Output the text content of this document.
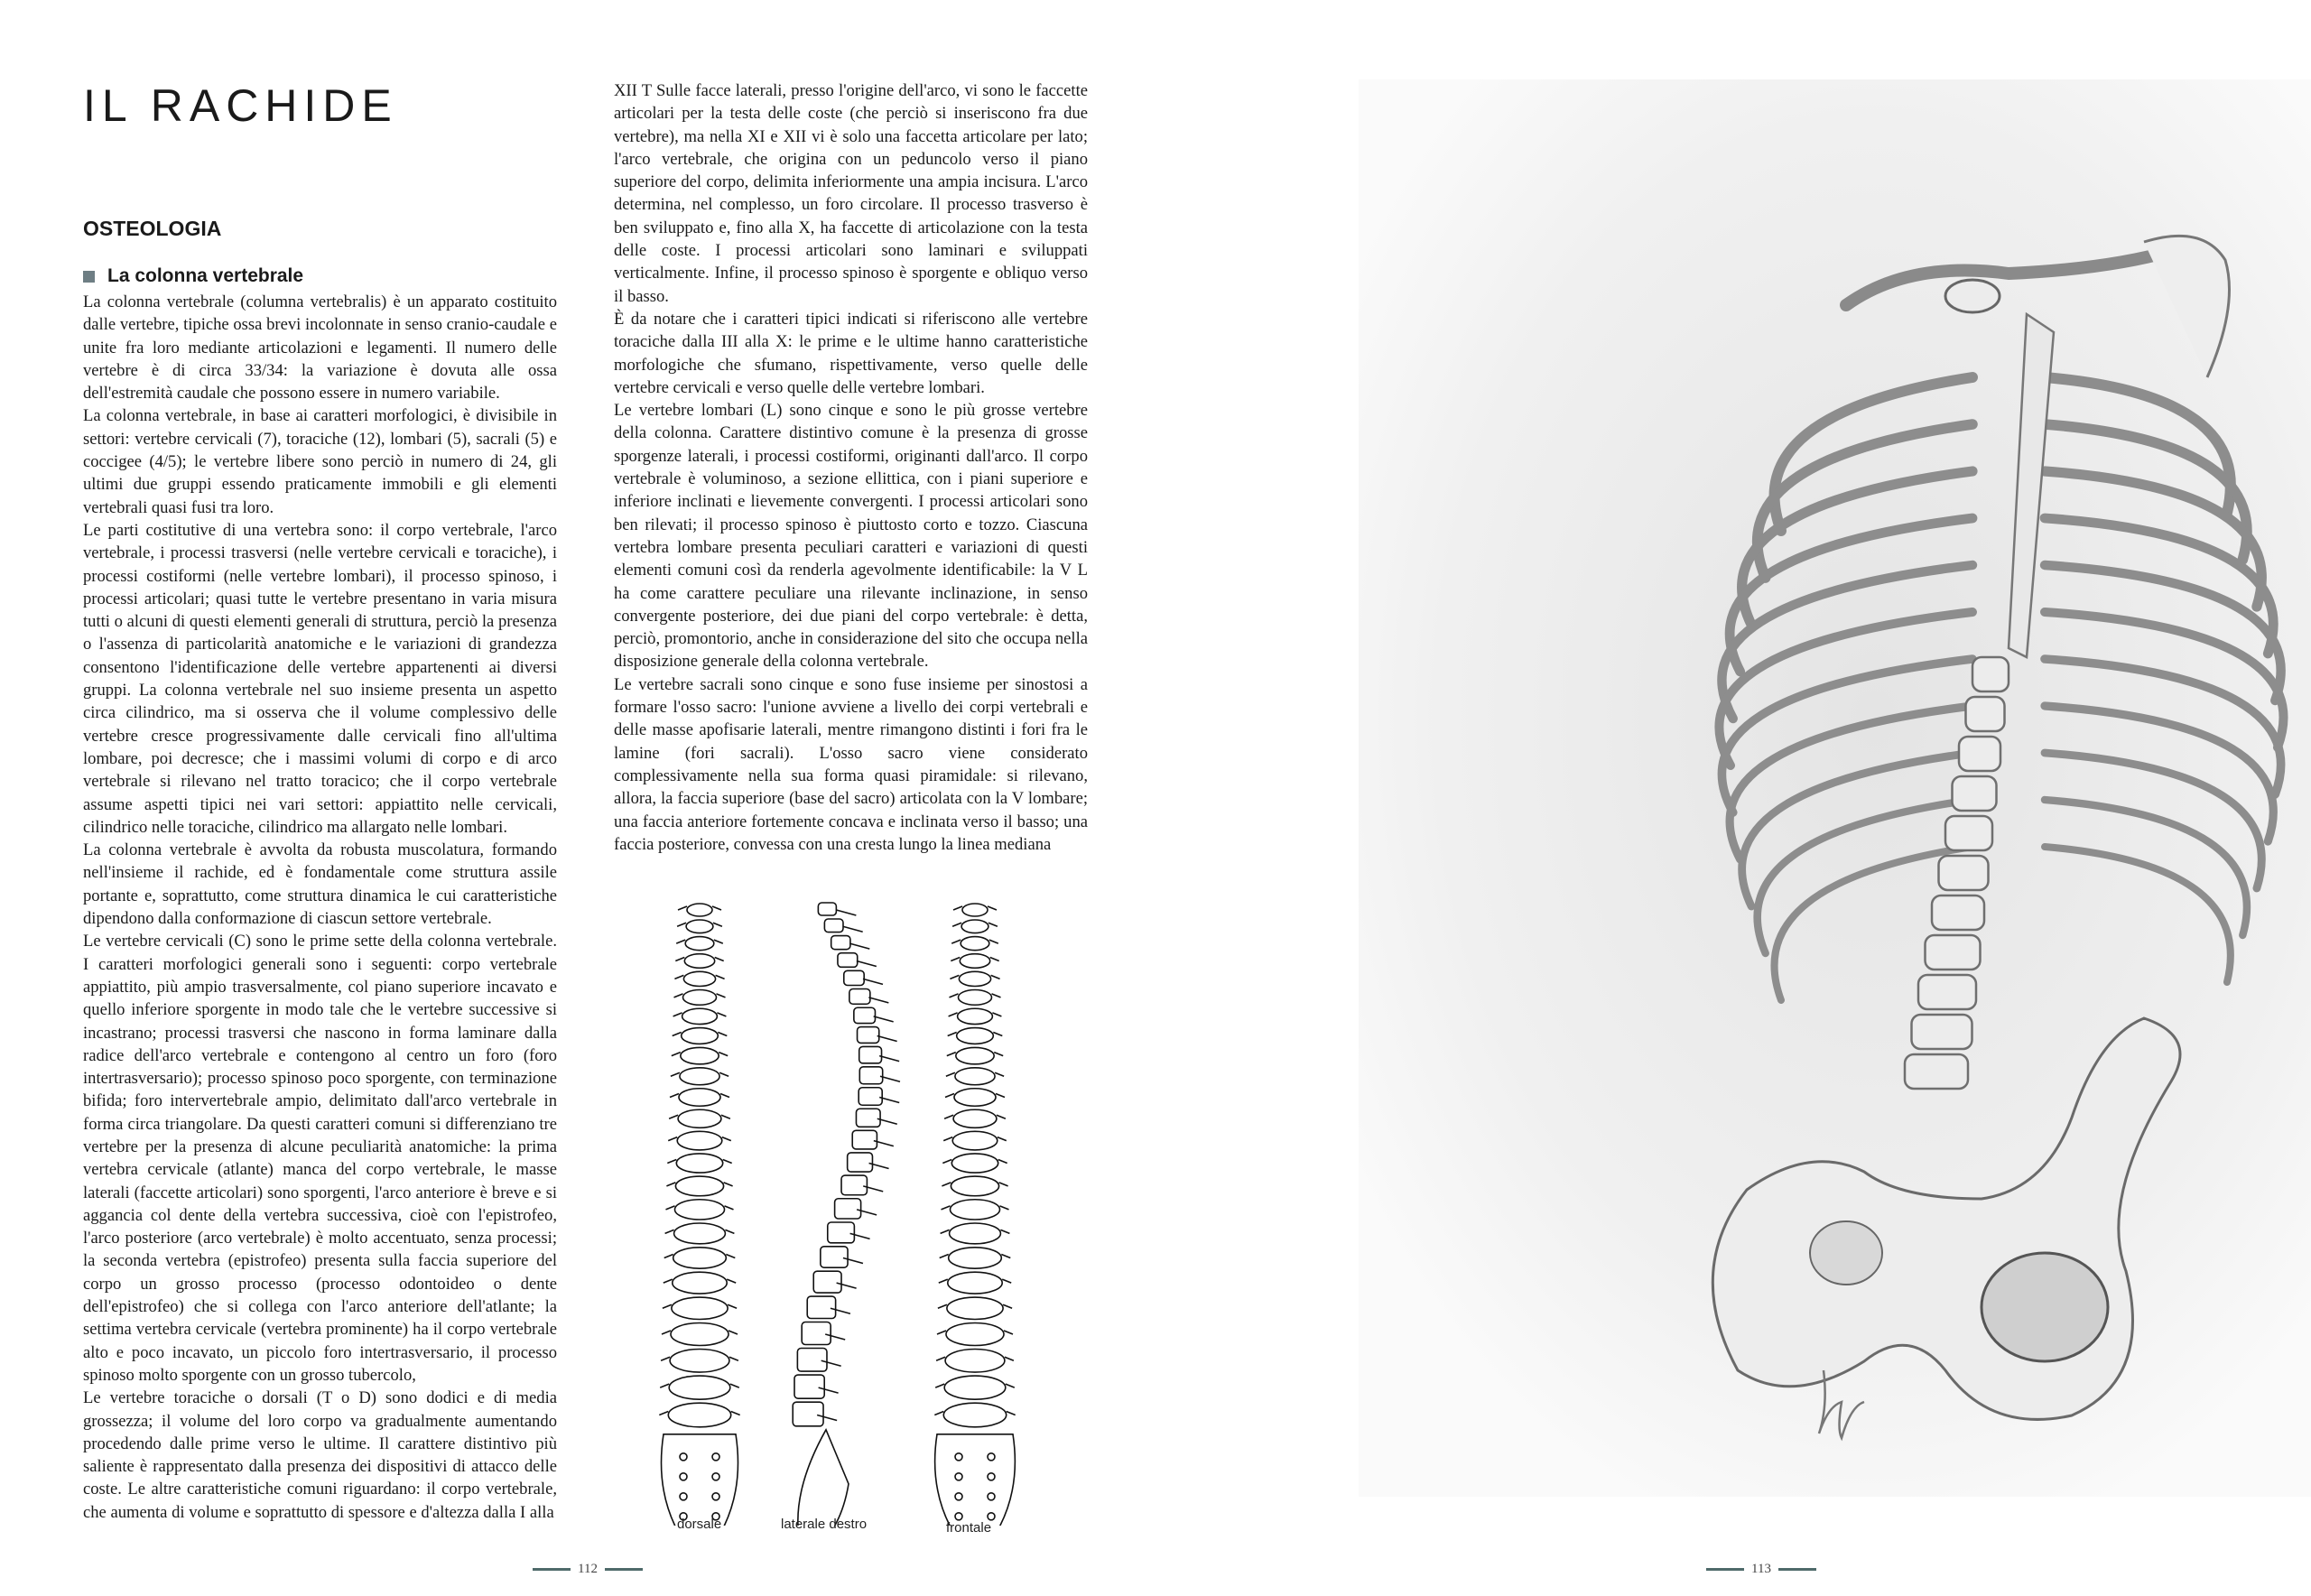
IL RACHIDE
OSTEOLOGIA
La colonna vertebrale

La colonna vertebrale (columna vertebralis) è un apparato costituito dalle vertebre, tipiche ossa brevi incolonnate in senso cranio-caudale e unite fra loro mediante articolazioni e legamenti. Il numero delle vertebre è di circa 33/34: la variazione è dovuta alle ossa dell'estremità caudale che possono essere in numero variabile.

La colonna vertebrale, in base ai caratteri morfologici, è divisibile in settori: vertebre cervicali (7), toraciche (12), lombari (5), sacrali (5) e coccigee (4/5); le vertebre libere sono perciò in numero di 24, gli ultimi due gruppi essendo praticamente immobili e gli elementi vertebrali quasi fusi tra loro.

Le parti costitutive di una vertebra sono: il corpo vertebrale, l'arco vertebrale, i processi trasversi (nelle vertebre cervicali e toraciche), i processi costiformi (nelle vertebre lombari), il processo spinoso, i processi articolari; quasi tutte le vertebre presentano in varia misura tutti o alcuni di questi elementi generali di struttura, perciò la presenza o l'assenza di particolarità anatomiche e le variazioni di grandezza consentono l'identificazione delle vertebre appartenenti ai diversi gruppi. La colonna vertebrale nel suo insieme presenta un aspetto circa cilindrico, ma si osserva che il volume complessivo delle vertebre cresce progressivamente dalle cervicali fino all'ultima lombare, poi decresce; che i massimi volumi di corpo e di arco vertebrale si rilevano nel tratto toracico; che il corpo vertebrale assume aspetti tipici nei vari settori: appiattito nelle cervicali, cilindrico nelle toraciche, cilindrico ma allargato nelle lombari.

La colonna vertebrale è avvolta da robusta muscolatura, formando nell'insieme il rachide, ed è fondamentale come struttura assile portante e, soprattutto, come struttura dinamica le cui caratteristiche dipendono dalla conformazione di ciascun settore vertebrale.

Le vertebre cervicali (C) sono le prime sette della colonna vertebrale. I caratteri morfologici generali sono i seguenti: corpo vertebrale appiattito, più ampio trasversalmente, col piano superiore incavato e quello inferiore sporgente in modo tale che le vertebre successive si incastrano; processi trasversi che nascono in forma laminare dalla radice dell'arco vertebrale e contengono al centro un foro (foro intertrasversario); processo spinoso poco sporgente, con terminazione bifida; foro intervertebrale ampio, delimitato dall'arco vertebrale in forma circa triangolare. Da questi caratteri comuni si differenziano tre vertebre per la presenza di alcune peculiarità anatomiche: la prima vertebra cervicale (atlante) manca del corpo vertebrale, le masse laterali (faccette articolari) sono sporgenti, l'arco anteriore è breve e si aggancia col dente della vertebra successiva, cioè con l'epistrofeo, l'arco posteriore (arco vertebrale) è molto accentuato, senza processi; la seconda vertebra (epistrofeo) presenta sulla faccia superiore del corpo un grosso processo (processo odontoideo o dente dell'epistrofeo) che si collega con l'arco anteriore dell'atlante; la settima vertebra cervicale (vertebra prominente) ha il corpo vertebrale alto e poco incavato, un piccolo foro intertrasversario, il processo spinoso molto sporgente con un grosso tubercolo,

Le vertebre toraciche o dorsali (T o D) sono dodici e di media grossezza; il volume del loro corpo va gradualmente aumentando procedendo dalle prime verso le ultime. Il carattere distintivo più saliente è rappresentato dalla presenza dei dispositivi di attacco delle coste. Le altre caratteristiche comuni riguardano: il corpo vertebrale, che aumenta di volume e soprattutto di spessore e d'altezza dalla I alla

XII T Sulle facce laterali, presso l'origine dell'arco, vi sono le faccette articolari per la testa delle coste (che perciò si inseriscono fra due vertebre), ma nella XI e XII vi è solo una faccetta articolare per lato; l'arco vertebrale, che origina con un peduncolo verso il piano superiore del corpo, delimita inferiormente una ampia incisura. L'arco determina, nel complesso, un foro circolare. Il processo trasverso è ben sviluppato e, fino alla X, ha faccette di articolazione con la testa delle coste. I processi articolari sono laminari e sviluppati verticalmente. Infine, il processo spinoso è sporgente e obliquo verso il basso.

È da notare che i caratteri tipici indicati si riferiscono alle vertebre toraciche dalla III alla X: le prime e le ultime hanno caratteristiche morfologiche che sfumano, rispettivamente, verso quelle delle vertebre cervicali e verso quelle delle vertebre lombari.

Le vertebre lombari (L) sono cinque e sono le più grosse vertebre della colonna. Carattere distintivo comune è la presenza di grosse sporgenze laterali, i processi costiformi, originanti dall'arco. Il corpo vertebrale è voluminoso, a sezione ellittica, con i piani superiore e inferiore inclinati e lievemente convergenti. I processi articolari sono ben rilevati; il processo spinoso è piuttosto corto e tozzo. Ciascuna vertebra lombare presenta peculiari caratteri e variazioni di questi elementi comuni così da renderla agevolmente identificabile: la V L ha come carattere peculiare una rilevante inclinazione, in senso convergente posteriore, dei due piani del corpo vertebrale: è detta, perciò, promontorio, anche in considerazione del sito che occupa nella disposizione generale della colonna vertebrale.

Le vertebre sacrali sono cinque e sono fuse insieme per sinostosi a formare l'osso sacro: l'unione avviene a livello dei corpi vertebrali e delle masse apofisarie laterali, mentre rimangono distinti i fori fra le lamine (fori sacrali). L'osso sacro viene considerato complessivamente nella sua forma quasi piramidale: si rilevano, allora, la faccia superiore (base del sacro) articolata con la V lombare; una faccia anteriore fortemente concava e inclinata verso il basso; una faccia posteriore, convessa con una cresta lungo la linea mediana

dorsale	laterale destro	frontale
112	113
